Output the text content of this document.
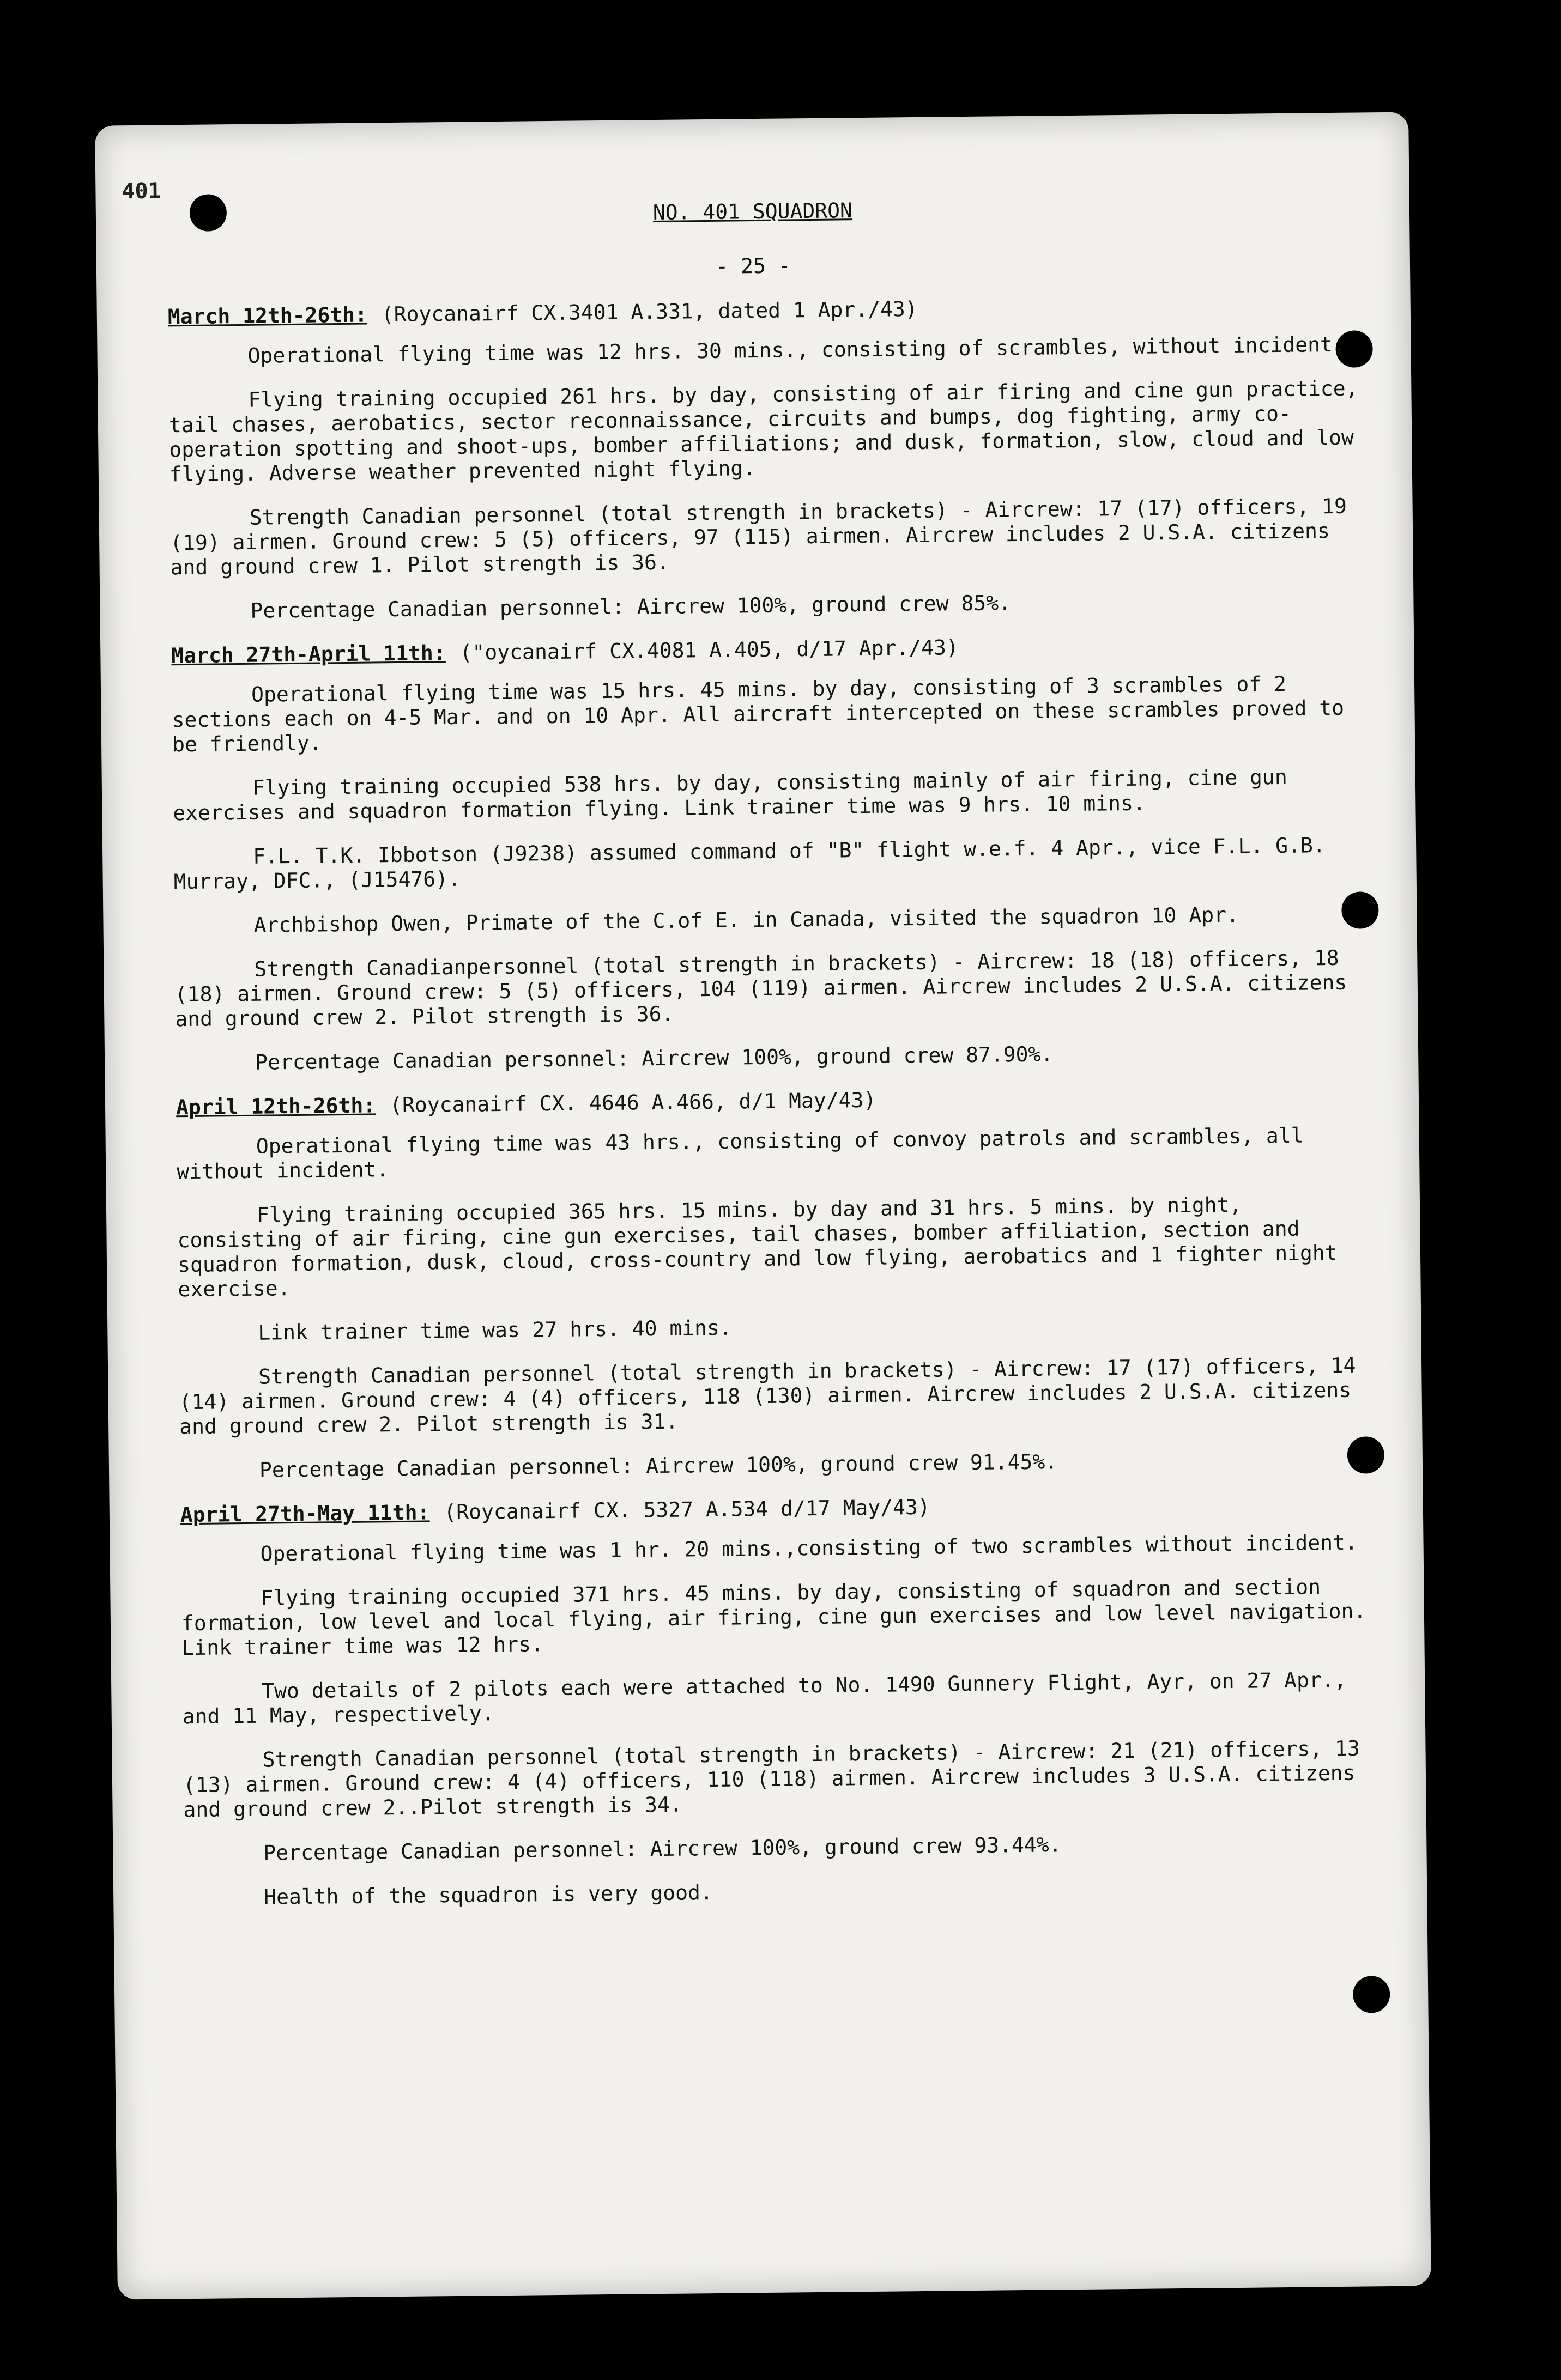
401
NO. 401 SQUADRON
- 25 -
March 12th-26th: (Roycanairf CX.3401 A.331, dated 1 Apr./43)

Operational flying time was 12 hrs. 30 mins., consisting of scrambles, without incident.

Flying training occupied 261 hrs. by day, consisting of air firing and cine gun practice, tail chases, aerobatics, sector reconnaissance, circuits and bumps, dog fighting, army co-operation spotting and shoot-ups, bomber affiliations; and dusk, formation, slow, cloud and low flying. Adverse weather prevented night flying.

Strength Canadian personnel (total strength in brackets) - Aircrew: 17 (17) officers, 19 (19) airmen. Ground crew: 5 (5) officers, 97 (115) airmen. Aircrew includes 2 U.S.A. citizens and ground crew 1. Pilot strength is 36.

Percentage Canadian personnel: Aircrew 100%, ground crew 85%.

March 27th-April 11th: ("oycanairf CX.4081 A.405, d/17 Apr./43)

Operational flying time was 15 hrs. 45 mins. by day, consisting of 3 scrambles of 2 sections each on 4-5 Mar. and on 10 Apr. All aircraft intercepted on these scrambles proved to be friendly.

Flying training occupied 538 hrs. by day, consisting mainly of air firing, cine gun exercises and squadron formation flying. Link trainer time was 9 hrs. 10 mins.

F.L. T.K. Ibbotson (J9238) assumed command of "B" flight w.e.f. 4 Apr., vice F.L. G.B. Murray, DFC., (J15476).

Archbishop Owen, Primate of the C.of E. in Canada, visited the squadron 10 Apr.

Strength Canadianpersonnel (total strength in brackets) - Aircrew: 18 (18) officers, 18 (18) airmen. Ground crew: 5 (5) officers, 104 (119) airmen. Aircrew includes 2 U.S.A. citizens and ground crew 2. Pilot strength is 36.

Percentage Canadian personnel: Aircrew 100%, ground crew 87.90%.

April 12th-26th: (Roycanairf CX. 4646 A.466, d/1 May/43)

Operational flying time was 43 hrs., consisting of convoy patrols and scrambles, all without incident.

Flying training occupied 365 hrs. 15 mins. by day and 31 hrs. 5 mins. by night, consisting of air firing, cine gun exercises, tail chases, bomber affiliation, section and squadron formation, dusk, cloud, cross-country and low flying, aerobatics and 1 fighter night exercise.

Link trainer time was 27 hrs. 40 mins.

Strength Canadian personnel (total strength in brackets) - Aircrew: 17 (17) officers, 14 (14) airmen. Ground crew: 4 (4) officers, 118 (130) airmen. Aircrew includes 2 U.S.A. citizens and ground crew 2. Pilot strength is 31.

Percentage Canadian personnel: Aircrew 100%, ground crew 91.45%.

April 27th-May 11th: (Roycanairf CX. 5327 A.534 d/17 May/43)

Operational flying time was 1 hr. 20 mins.,consisting of two scrambles without incident.

Flying training occupied 371 hrs. 45 mins. by day, consisting of squadron and section formation, low level and local flying, air firing, cine gun exercises and low level navigation. Link trainer time was 12 hrs.

Two details of 2 pilots each were attached to No. 1490 Gunnery Flight, Ayr, on 27 Apr., and 11 May, respectively.

Strength Canadian personnel (total strength in brackets) - Aircrew: 21 (21) officers, 13 (13) airmen. Ground crew: 4 (4) officers, 110 (118) airmen. Aircrew includes 3 U.S.A. citizens and ground crew 2..Pilot strength is 34.

Percentage Canadian personnel: Aircrew 100%, ground crew 93.44%.

Health of the squadron is very good.
